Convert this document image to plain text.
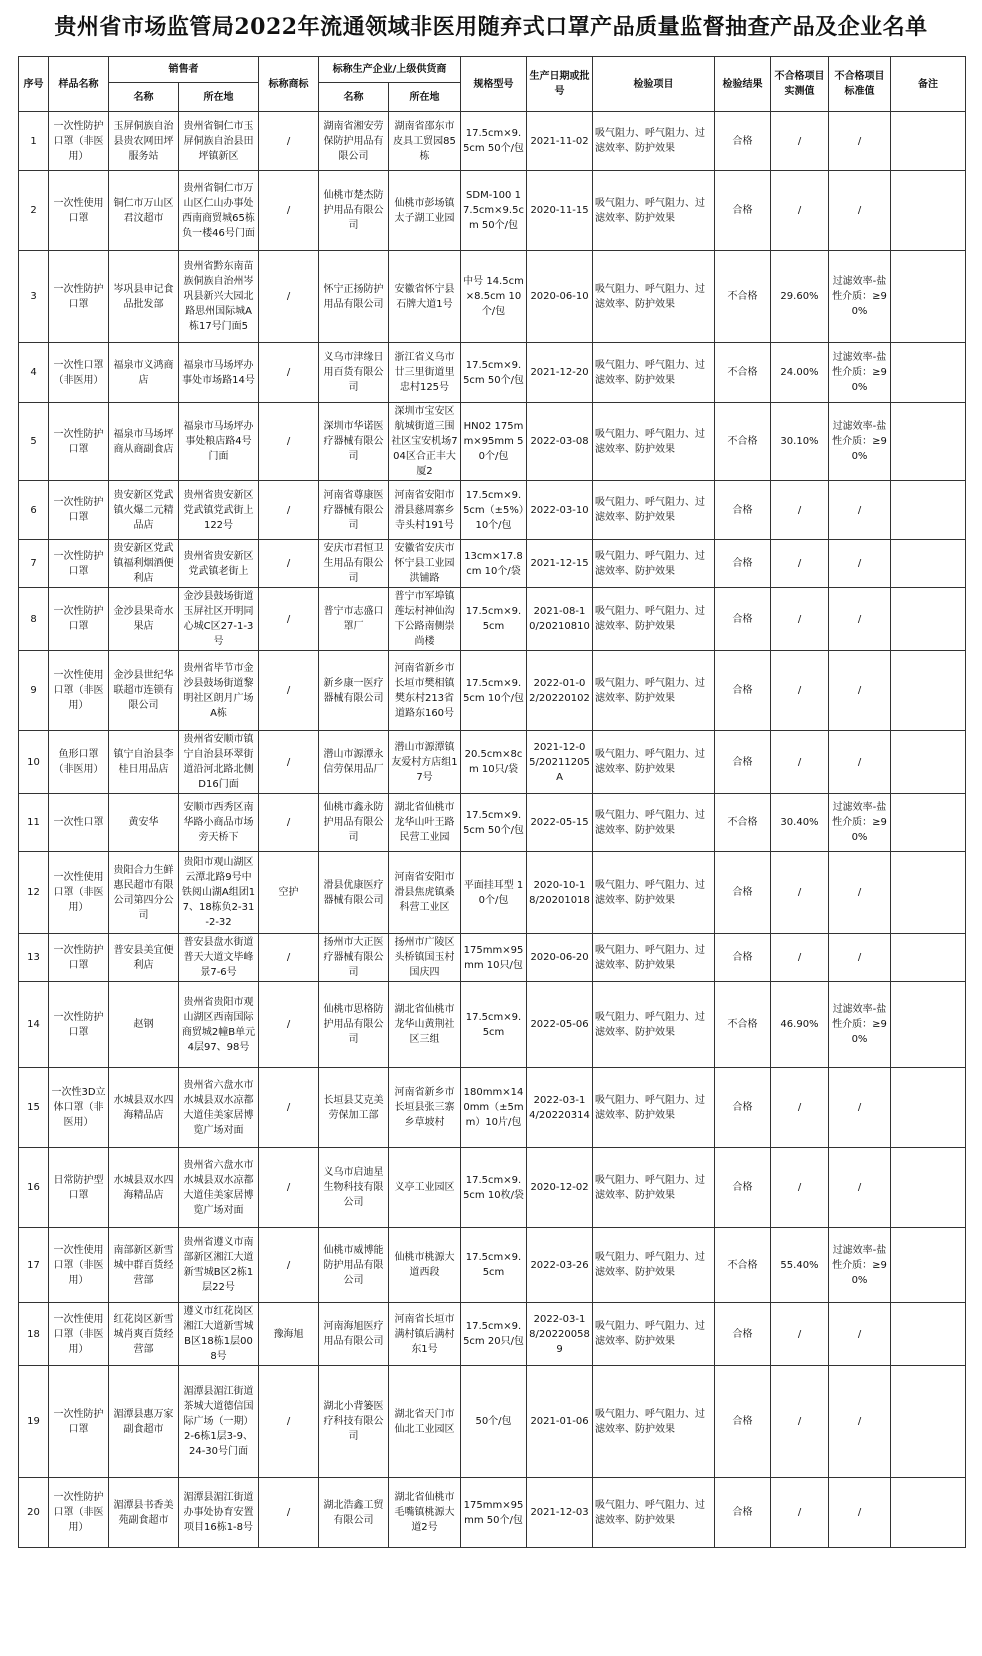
贵州省市场监管局2022年流通领域非医用随弃式口罩产品质量监督抽查产品及企业名单
序号	样品名称	销售者		标称商标	标称生产企业/上级供货商		规格型号	生产日期或批号	检验项目	检验结果	不合格项目实测值	不合格项目标准值	备注
		名称	所在地		名称	所在地							
1	一次性防护口罩（非医用）	玉屏侗族自治县贵农网田坪服务站	贵州省铜仁市玉屏侗族自治县田坪镇新区	/	湖南省湘安劳保防护用品有限公司	湖南省邵东市皮具工贸园85栋	17.5cm×9.5cm 50个/包	2021-11-02	吸气阻力、呼气阻力、过滤效率、防护效果	合格	/	/	
2	一次性使用口罩	铜仁市万山区君汶超市	贵州省铜仁市万山区仁山办事处西南商贸城65栋负一楼46号门面	/	仙桃市楚杰防护用品有限公司	仙桃市彭场镇太子湖工业园	SDM-100 17.5cm×9.5cm 50个/包	2020-11-15	吸气阻力、呼气阻力、过滤效率、防护效果	合格	/	/	
3	一次性防护口罩	岑巩县申记食品批发部	贵州省黔东南苗族侗族自治州岑巩县新兴大园北路思州国际城A栋17号门面5	/	怀宁正扬防护用品有限公司	安徽省怀宁县石牌大道1号	中号 14.5cm×8.5cm 10个/包	2020-06-10	吸气阻力、呼气阻力、过滤效率、防护效果	不合格	29.60%	过滤效率-盐性介质：≥90%	
4	一次性口罩（非医用）	福泉市义鸿商店	福泉市马场坪办事处市场路14号	/	义乌市津缘日用百货有限公司	浙江省义乌市廿三里街道里忠村125号	17.5cm×9.5cm 50个/包	2021-12-20	吸气阻力、呼气阻力、过滤效率、防护效果	不合格	24.00%	过滤效率-盐性介质：≥90%	
5	一次性防护口罩	福泉市马场坪商从商副食店	福泉市马场坪办事处粮店路4号门面	/	深圳市华诺医疗器械有限公司	深圳市宝安区航城街道三围社区宝安机场704区合正丰大厦2	HN02 175mm×95mm 50个/包	2022-03-08	吸气阻力、呼气阻力、过滤效率、防护效果	不合格	30.10%	过滤效率-盐性介质：≥90%	
6	一次性防护口罩	贵安新区党武镇火爆二元精品店	贵州省贵安新区党武镇党武街上122号	/	河南省尊康医疗器械有限公司	河南省安阳市滑县慈周寨乡寺头村191号	17.5cm×9.5cm（±5%）10个/包	2022-03-10	吸气阻力、呼气阻力、过滤效率、防护效果	合格	/	/	
7	一次性防护口罩	贵安新区党武镇福利烟酒便利店	贵州省贵安新区党武镇老街上	/	安庆市君恒卫生用品有限公司	安徽省安庆市怀宁县工业园洪铺路	13cm×17.8cm 10个/袋	2021-12-15	吸气阻力、呼气阻力、过滤效率、防护效果	合格	/	/	
8	一次性防护口罩	金沙县果奇水果店	金沙县鼓场街道玉屏社区开明同心城C区27-1-3号	/	普宁市志盛口罩厂	普宁市军埠镇莲坛村神仙沟下公路南侧崇尚楼	17.5cm×9.5cm	2021-08-10/20210810	吸气阻力、呼气阻力、过滤效率、防护效果	合格	/	/	
9	一次性使用口罩（非医用）	金沙县世纪华联超市连锁有限公司	贵州省毕节市金沙县鼓场街道黎明社区朗月广场A栋	/	新乡康一医疗器械有限公司	河南省新乡市长垣市樊相镇樊东村213省道路东160号	17.5cm×9.5cm 10个/包	2022-01-02/20220102	吸气阻力、呼气阻力、过滤效率、防护效果	合格	/	/	
10	鱼形口罩（非医用）	镇宁自治县李桂日用品店	贵州省安顺市镇宁自治县环翠街道沿河北路北侧D16门面	/	潜山市源潭永信劳保用品厂	潜山市源潭镇友爱村方店组17号	20.5cm×8cm 10只/袋	2021-12-05/20211205A	吸气阻力、呼气阻力、过滤效率、防护效果	合格	/	/	
11	一次性口罩	黄安华	安顺市西秀区南华路小商品市场旁天桥下	/	仙桃市鑫永防护用品有限公司	湖北省仙桃市龙华山叶王路民营工业园	17.5cm×9.5cm 50个/包	2022-05-15	吸气阻力、呼气阻力、过滤效率、防护效果	不合格	30.40%	过滤效率-盐性介质：≥90%	
12	一次性使用口罩（非医用）	贵阳合力生鲜惠民超市有限公司第四分公司	贵阳市观山湖区云潭北路9号中铁阅山湖A组团17、18栋负2-31-2-32	空护	滑县优康医疗器械有限公司	河南省安阳市滑县焦虎镇桑科营工业区	平面挂耳型 10个/包	2020-10-18/20201018	吸气阻力、呼气阻力、过滤效率、防护效果	合格	/	/	
13	一次性防护口罩	普安县美宜便利店	普安县盘水街道普天大道文毕峰景7-6号	/	扬州市大正医疗器械有限公司	扬州市广陵区头桥镇国玉村国庆四	175mm×95mm 10只/包	2020-06-20	吸气阻力、呼气阻力、过滤效率、防护效果	合格	/	/	
14	一次性防护口罩	赵钢	贵州省贵阳市观山湖区西南国际商贸城2幢B单元4层97、98号	/	仙桃市思格防护用品有限公司	湖北省仙桃市龙华山黄荆社区三组	17.5cm×9.5cm	2022-05-06	吸气阻力、呼气阻力、过滤效率、防护效果	不合格	46.90%	过滤效率-盐性介质：≥90%	
15	一次性3D立体口罩（非医用）	水城县双水四海精品店	贵州省六盘水市水城县双水凉都大道佳美家居博览广场对面	/	长垣县艾克美劳保加工部	河南省新乡市长垣县张三寨乡草坡村	180mm×140mm（±5mm）10片/包	2022-03-14/20220314	吸气阻力、呼气阻力、过滤效率、防护效果	合格	/	/	
16	日常防护型口罩	水城县双水四海精品店	贵州省六盘水市水城县双水凉都大道佳美家居博览广场对面	/	义乌市启迪星生物科技有限公司	义亭工业园区	17.5cm×9.5cm 10枚/袋	2020-12-02	吸气阻力、呼气阻力、过滤效率、防护效果	合格	/	/	
17	一次性使用口罩（非医用）	南部新区新雪城中群百货经营部	贵州省遵义市南部新区湘江大道新雪城B区2栋1层22号	/	仙桃市威博能防护用品有限公司	仙桃市桃源大道西段	17.5cm×9.5cm	2022-03-26	吸气阻力、呼气阻力、过滤效率、防护效果	不合格	55.40%	过滤效率-盐性介质：≥90%	
18	一次性使用口罩（非医用）	红花岗区新雪城肖爽百货经营部	遵义市红花岗区湘江大道新雪城B区18栋1层008号	豫海旭	河南海旭医疗用品有限公司	河南省长垣市满村镇后满村东1号	17.5cm×9.5cm 20只/包	2022-03-18/202200589	吸气阻力、呼气阻力、过滤效率、防护效果	合格	/	/	
19	一次性防护口罩	湄潭县惠万家副食超市	湄潭县湄江街道茶城大道德信国际广场（一期）2-6栋1层3-9、24-30号门面	/	湖北小背篓医疗科技有限公司	湖北省天门市仙北工业园区	50个/包	2021-01-06	吸气阻力、呼气阻力、过滤效率、防护效果	合格	/	/	
20	一次性防护口罩（非医用）	湄潭县书香美苑副食超市	湄潭县湄江街道办事处协育安置项目16栋1-8号	/	湖北浩鑫工贸有限公司	湖北省仙桃市毛嘴镇桃源大道2号	175mm×95mm 50个/包	2021-12-03	吸气阻力、呼气阻力、过滤效率、防护效果	合格	/	/	
